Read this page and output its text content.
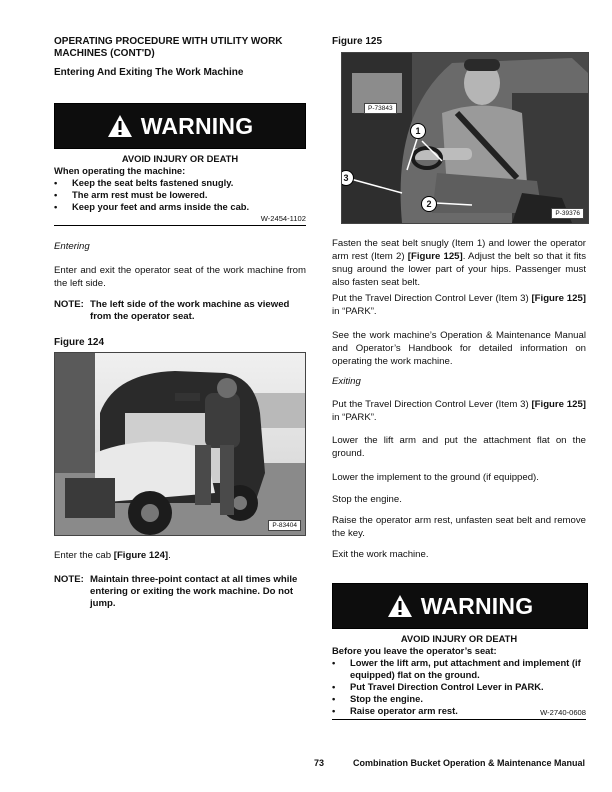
OPERATING PROCEDURE WITH UTILITY WORK MACHINES (CONT'D)
Entering And Exiting The Work Machine
WARNING
AVOID INJURY OR DEATH
When operating the machine:
• Keep the seat belts fastened snugly.
• The arm rest must be lowered.
• Keep your feet and arms inside the cab.
W-2454-1102
Entering
Enter and exit the operator seat of the work machine from the left side.
NOTE: The left side of the work machine as viewed from the operator seat.
Figure 124
P-83404
Enter the cab [Figure 124].
NOTE: Maintain three-point contact at all times while entering or exiting the work machine. Do not jump.
Figure 125
P-73843
P-39376
1
2
3
Fasten the seat belt snugly (Item 1) and lower the operator arm rest (Item 2) [Figure 125]. Adjust the belt so that it fits snug around the lower part of your hips. Passenger must also fasten seat belt.
Put the Travel Direction Control Lever (Item 3) [Figure 125] in “PARK”.
See the work machine’s Operation & Maintenance Manual and Operator’s Handbook for detailed information on operating the work machine.
Exiting
Put the Travel Direction Control Lever (Item 3) [Figure 125] in “PARK”.
Lower the lift arm and put the attachment flat on the ground.
Lower the implement to the ground (if equipped).
Stop the engine.
Raise the operator arm rest, unfasten seat belt and remove the key.
Exit the work machine.
WARNING
AVOID INJURY OR DEATH
Before you leave the operator’s seat:
• Lower the lift arm, put attachment and implement (if equipped) flat on the ground.
• Put Travel Direction Control Lever in PARK.
• Stop the engine.
• Raise operator arm rest.	W-2740-0608
73	Combination Bucket Operation & Maintenance Manual
